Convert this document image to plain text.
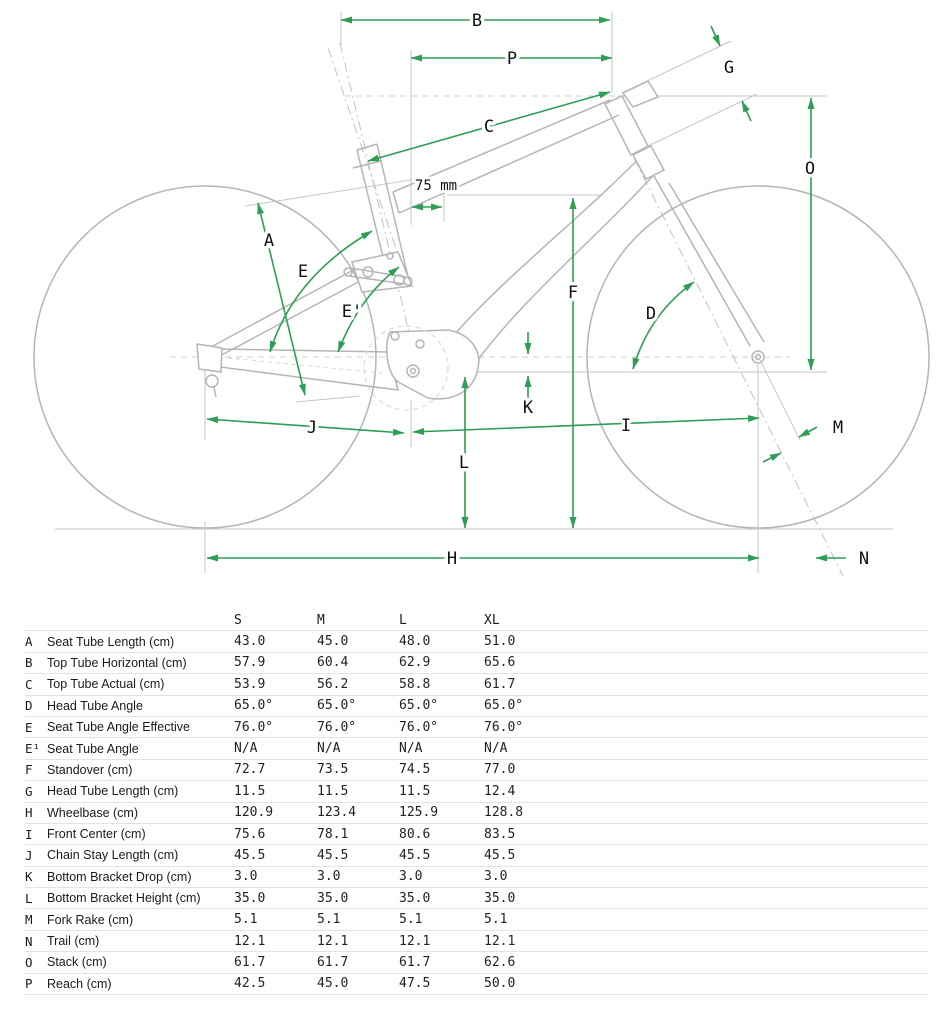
A
B
C
D
E
E'
F
G
H
I
J
K
L
M
N
O
P
75 mm
		S	M	L	XL	
A	Seat Tube Length (cm)	43.0	45.0	48.0	51.0	
B	Top Tube Horizontal (cm)	57.9	60.4	62.9	65.6	
C	Top Tube Actual (cm)	53.9	56.2	58.8	61.7	
D	Head Tube Angle	65.0°	65.0°	65.0°	65.0°	
E	Seat Tube Angle Effective	76.0°	76.0°	76.0°	76.0°	
E¹	Seat Tube Angle	N/A	N/A	N/A	N/A	
F	Standover (cm)	72.7	73.5	74.5	77.0	
G	Head Tube Length (cm)	11.5	11.5	11.5	12.4	
H	Wheelbase (cm)	120.9	123.4	125.9	128.8	
I	Front Center (cm)	75.6	78.1	80.6	83.5	
J	Chain Stay Length (cm)	45.5	45.5	45.5	45.5	
K	Bottom Bracket Drop (cm)	3.0	3.0	3.0	3.0	
L	Bottom Bracket Height (cm)	35.0	35.0	35.0	35.0	
M	Fork Rake (cm)	5.1	5.1	5.1	5.1	
N	Trail (cm)	12.1	12.1	12.1	12.1	
O	Stack (cm)	61.7	61.7	61.7	62.6	
P	Reach (cm)	42.5	45.0	47.5	50.0	
